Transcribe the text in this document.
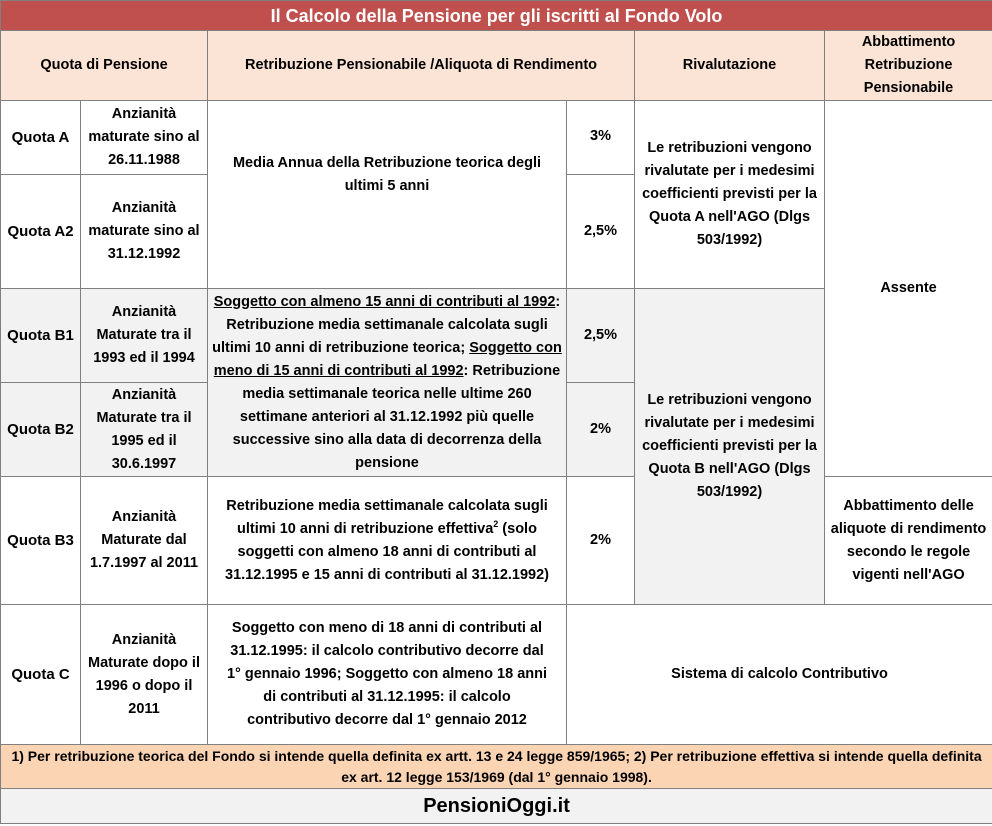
Il Calcolo della Pensione per gli iscritti al Fondo Volo					
Quota di Pensione		Retribuzione Pensionabile /Aliquota di Rendimento		Rivalutazione	Abbattimento Retribuzione Pensionabile
Quota A	Anzianità maturate sino al 26.11.1988	Media Annua della Retribuzione teorica degli ultimi 5 anni	3%	Le retribuzioni vengono rivalutate per i medesimi coefficienti previsti per la Quota A nell'AGO (Dlgs 503/1992)	Assente
Quota A2	Anzianità maturate sino al 31.12.1992		2,5%		
Quota B1	Anzianità Maturate tra il 1993 ed il 1994	Soggetto con almeno 15 anni di contributi al 1992: Retribuzione media settimanale calcolata sugli ultimi 10 anni di retribuzione teorica; Soggetto con meno di 15 anni di contributi al 1992: Retribuzione media settimanale teorica nelle ultime 260 settimane anteriori al 31.12.1992 più quelle successive sino alla data di decorrenza della pensione	2,5%	Le retribuzioni vengono rivalutate per i medesimi coefficienti previsti per la Quota B nell'AGO (Dlgs 503/1992)	
Quota B2	Anzianità Maturate tra il 1995 ed il 30.6.1997		2%		
Quota B3	Anzianità Maturate dal 1.7.1997 al 2011	Retribuzione media settimanale calcolata sugli ultimi 10 anni di retribuzione effettiva$^2$ (solo soggetti con almeno 18 anni di contributi al 31.12.1995 e 15 anni di contributi al 31.12.1992)	2%		Abbattimento delle aliquote di rendimento secondo le regole vigenti nell'AGO
Quota C	Anzianità Maturate dopo il 1996 o dopo il 2011	Soggetto con meno di 18 anni di contributi al 31.12.1995: il calcolo contributivo decorre dal 1° gennaio 1996; Soggetto con almeno 18 anni di contributi al 31.12.1995: il calcolo contributivo decorre dal 1° gennaio 2012	Sistema di calcolo Contributivo		
1) Per retribuzione teorica del Fondo si intende quella definita ex artt. 13 e 24 legge 859/1965; 2) Per retribuzione effettiva si intende quella definita ex art. 12 legge 153/1969 (dal 1° gennaio 1998).					
PensioniOggi.it					
